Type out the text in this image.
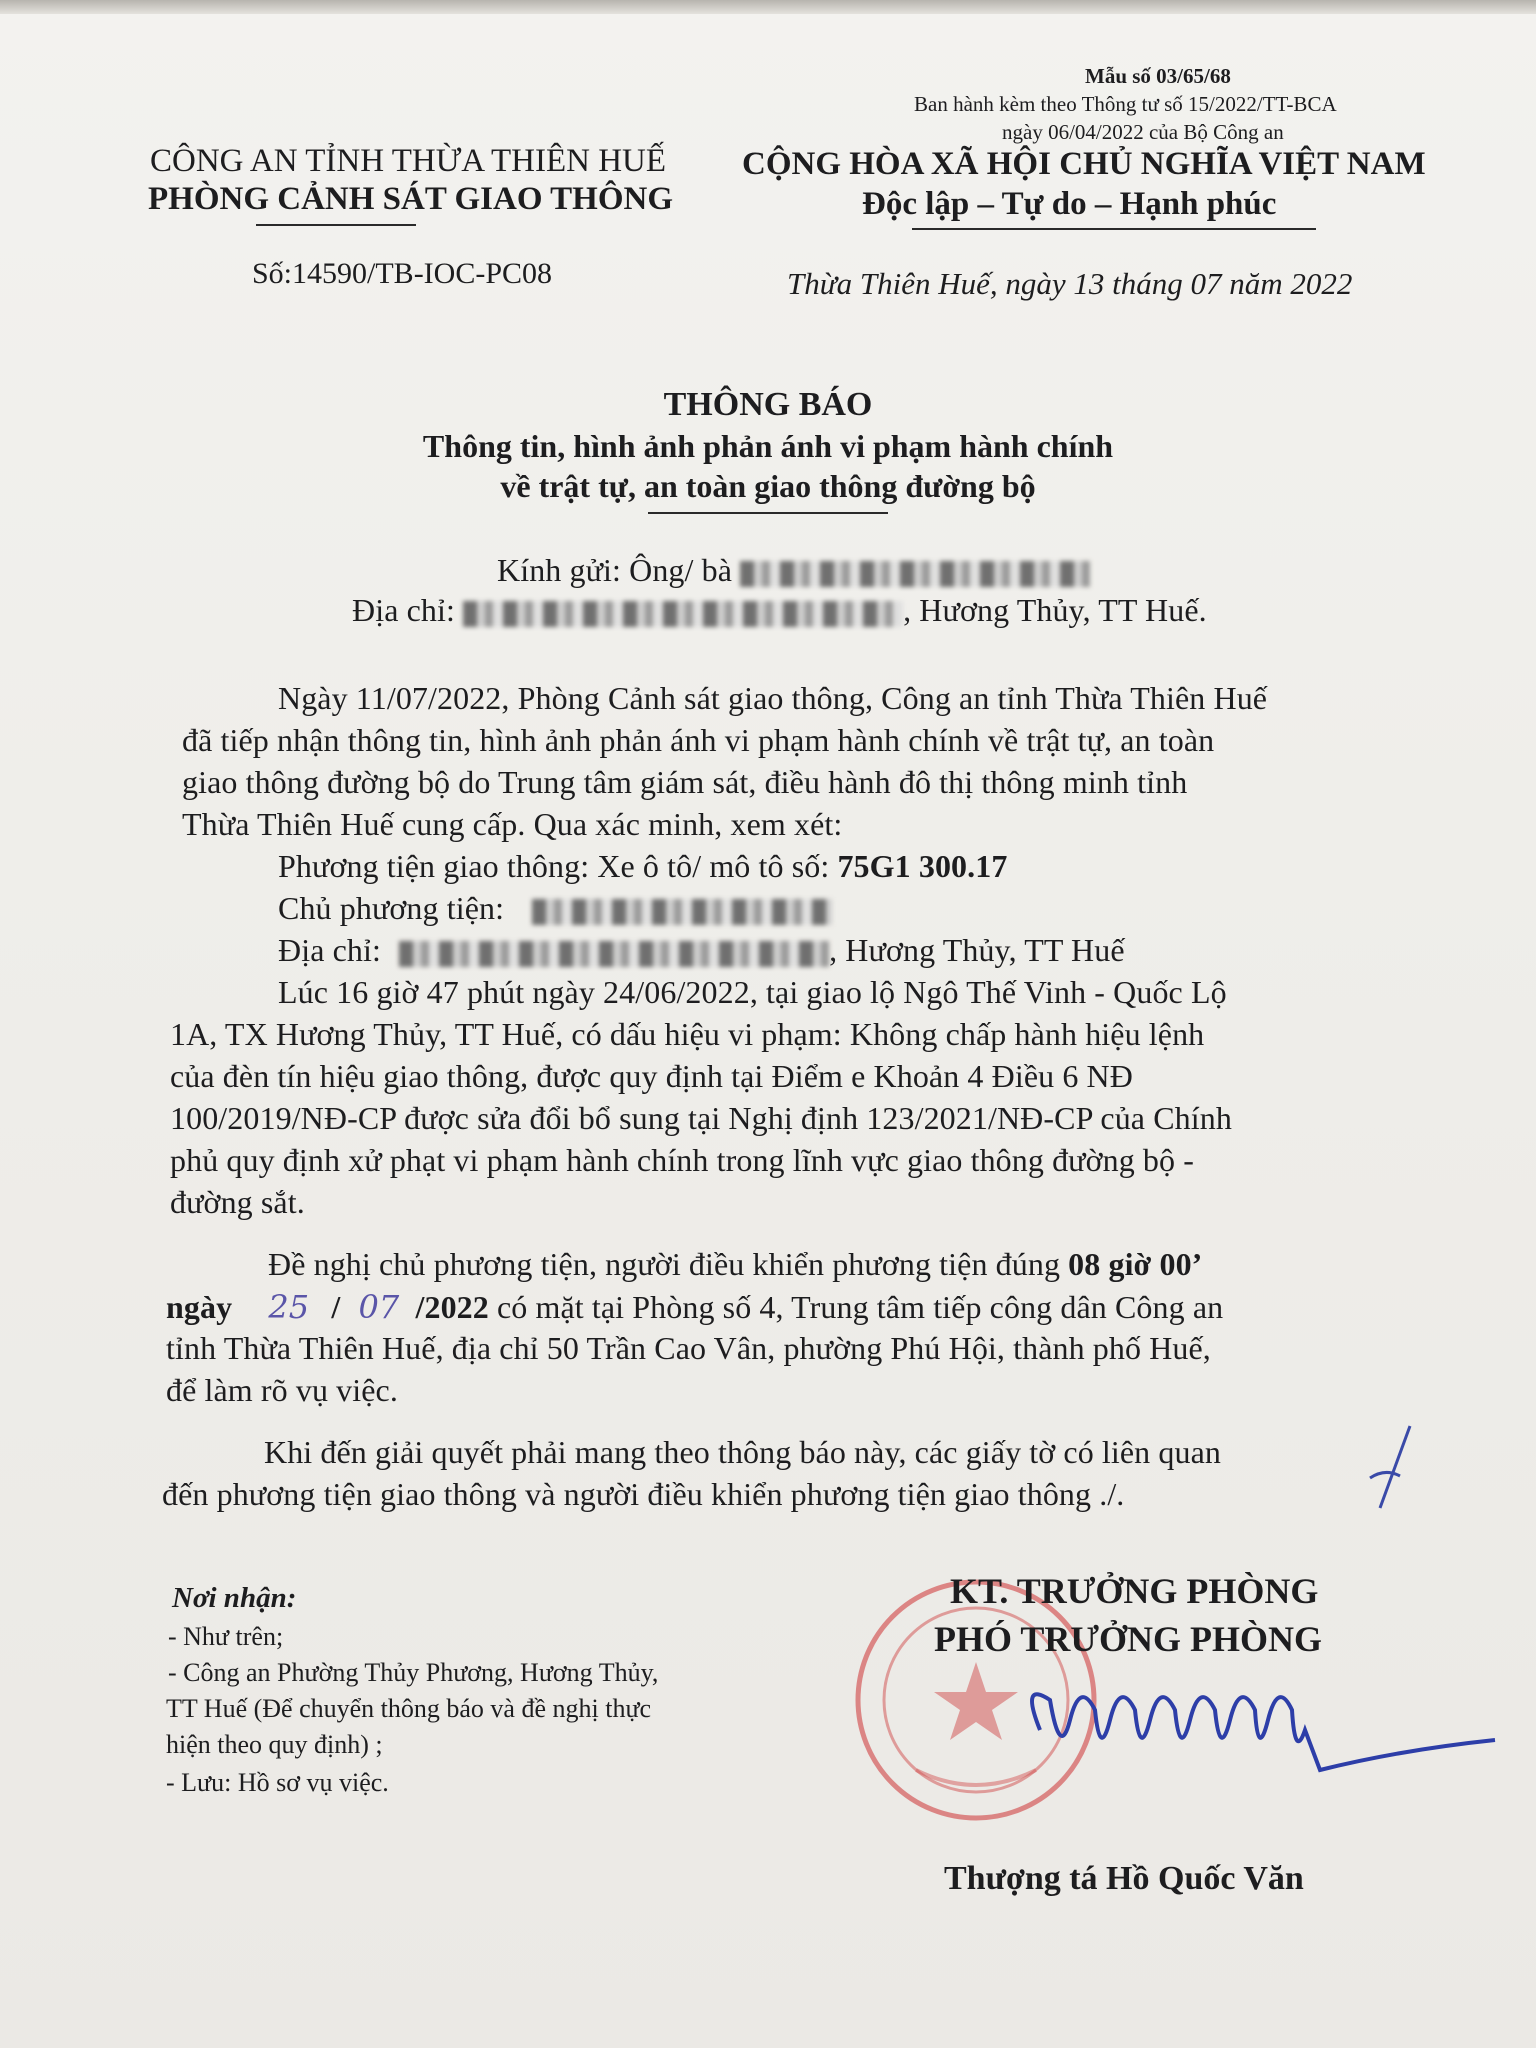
Mẫu số 03/65/68
Ban hành kèm theo Thông tư số 15/2022/TT-BCA
ngày 06/04/2022 của Bộ Công an
CÔNG AN TỈNH THỪA THIÊN HUẾ
PHÒNG CẢNH SÁT GIAO THÔNG
Số:14590/TB-IOC-PC08
CỘNG HÒA XÃ HỘI CHỦ NGHĨA VIỆT NAM
Độc lập – Tự do – Hạnh phúc
Thừa Thiên Huế, ngày 13 tháng 07 năm 2022
THÔNG BÁO
Thông tin, hình ảnh phản ánh vi phạm hành chính
về trật tự, an toàn giao thông đường bộ
Kính gửi: Ông/ bà
Địa chỉ:	, Hương Thủy, TT Huế.
Ngày 11/07/2022, Phòng Cảnh sát giao thông, Công an tỉnh Thừa Thiên Huế
đã tiếp nhận thông tin, hình ảnh phản ánh vi phạm hành chính về trật tự, an toàn
giao thông đường bộ do Trung tâm giám sát, điều hành đô thị thông minh tỉnh
Thừa Thiên Huế cung cấp. Qua xác minh, xem xét:
Phương tiện giao thông: Xe ô tô/ mô tô số: 75G1 300.17
Chủ phương tiện:
Địa chỉ:	, Hương Thủy, TT Huế
Lúc 16 giờ 47 phút ngày 24/06/2022, tại giao lộ Ngô Thế Vinh - Quốc Lộ
1A, TX Hương Thủy, TT Huế, có dấu hiệu vi phạm: Không chấp hành hiệu lệnh
của đèn tín hiệu giao thông, được quy định tại Điểm e Khoản 4 Điều 6 NĐ
100/2019/NĐ-CP được sửa đổi bổ sung tại Nghị định 123/2021/NĐ-CP của Chính
phủ quy định xử phạt vi phạm hành chính trong lĩnh vực giao thông đường bộ -
đường sắt.
Đề nghị chủ phương tiện, người điều khiển phương tiện đúng 08 giờ 00’
ngày 25 / 07 /2022 có mặt tại Phòng số 4, Trung tâm tiếp công dân Công an
tỉnh Thừa Thiên Huế, địa chỉ 50 Trần Cao Vân, phường Phú Hội, thành phố Huế,
để làm rõ vụ việc.
Khi đến giải quyết phải mang theo thông báo này, các giấy tờ có liên quan
đến phương tiện giao thông và người điều khiển phương tiện giao thông ./.
Nơi nhận:
- Như trên;
- Công an Phường Thủy Phương, Hương Thủy,
TT Huế (Để chuyển thông báo và đề nghị thực
hiện theo quy định) ;
- Lưu: Hồ sơ vụ việc.
KT. TRƯỞNG PHÒNG
PHÓ TRƯỞNG PHÒNG
Thượng tá Hồ Quốc Văn
